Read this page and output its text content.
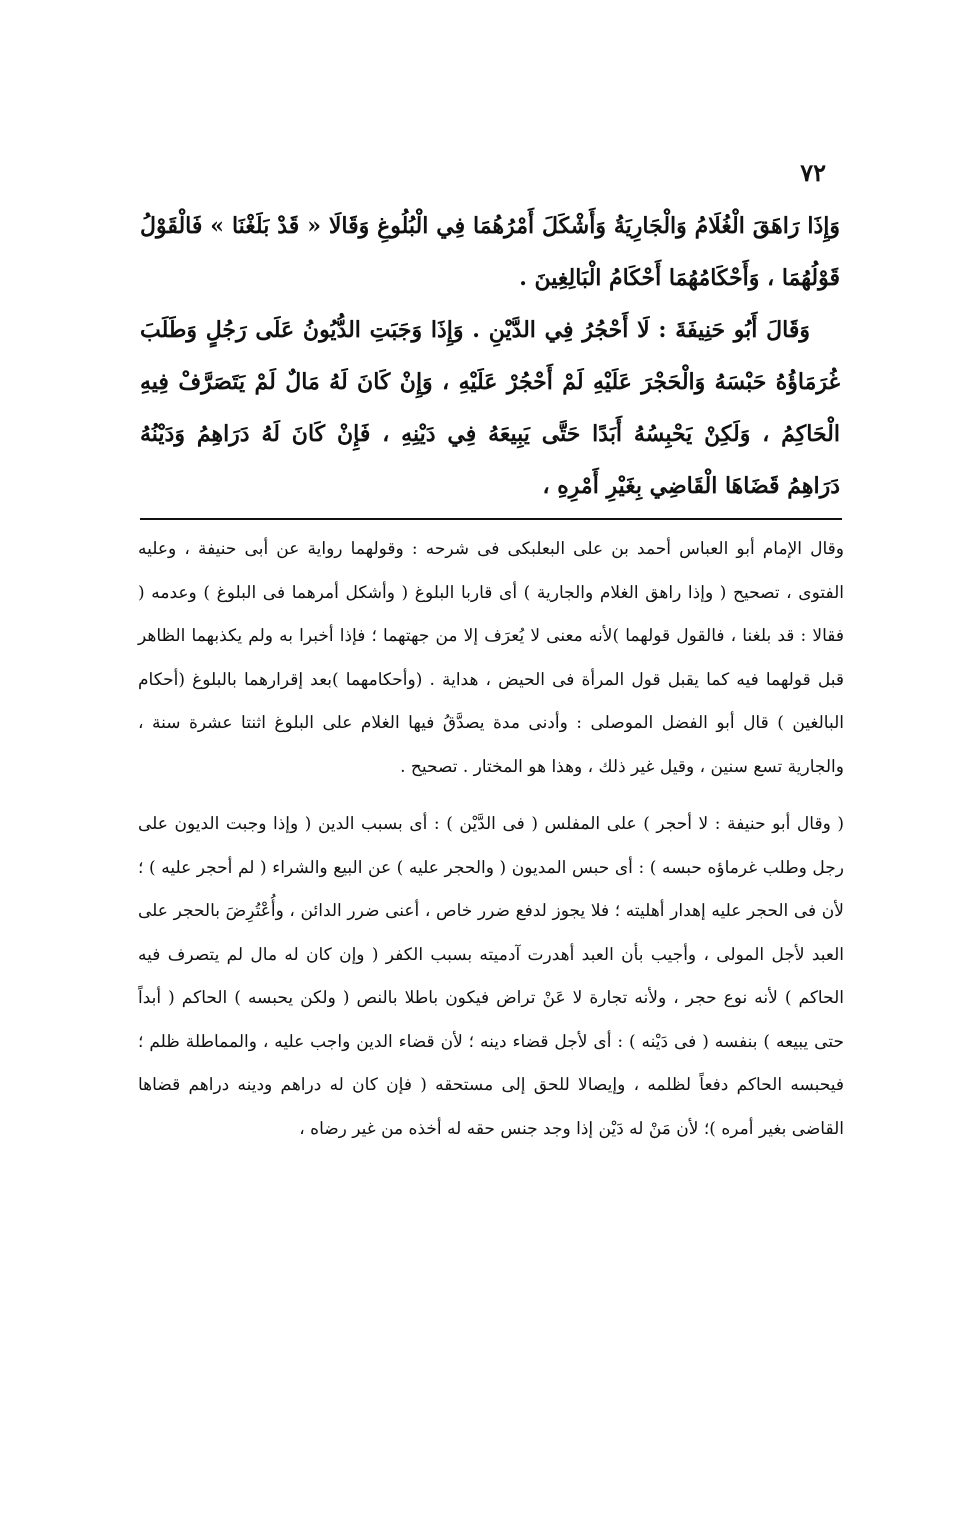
٧٢

وَإِذَا رَاهَقَ الْغُلَامُ وَالْجَارِيَةُ وَأَشْكَلَ أَمْرُهُمَا فِي الْبُلُوغِ وَقَالَا « قَدْ بَلَغْنَا » فَالْقَوْلُ قَوْلُهُمَا ، وَأَحْكَامُهُمَا أَحْكَامُ الْبَالِغِينَ .

وَقَالَ أَبُو حَنِيفَةَ : لَا أَحْجُرُ فِي الدَّيْنِ . وَإِذَا وَجَبَتِ الدُّيُونُ عَلَى رَجُلٍ وَطَلَبَ غُرَمَاؤُهُ حَبْسَهُ وَالْحَجْرَ عَلَيْهِ لَمْ أَحْجُرْ عَلَيْهِ ، وَإِنْ كَانَ لَهُ مَالٌ لَمْ يَتَصَرَّفْ فِيهِ الْحَاكِمُ ، وَلَكِنْ يَحْبِسُهُ أَبَدًا حَتَّى يَبِيعَهُ فِي دَيْنِهِ ، فَإِنْ كَانَ لَهُ دَرَاهِمُ وَدَيْنُهُ دَرَاهِمُ قَضَاهَا الْقَاضِي بِغَيْرِ أَمْرِهِ ،

وقال الإمام أبو العباس أحمد بن على البعلبكى فى شرحه : وقولهما رواية عن أبى حنيفة ، وعليه الفتوى ، تصحيح ( وإذا راهق الغلام والجارية ) أى قاربا البلوغ ( وأشكل أمرهما فى البلوغ ) وعدمه ( فقالا : قد بلغنا ، فالقول قولهما )لأنه معنى لا يُعرَف إلا من جهتهما ؛ فإذا أخبرا به ولم يكذبهما الظاهر قبل قولهما فيه كما يقبل قول المرأة فى الحيض ، هداية . (وأحكامهما )بعد إقرارهما بالبلوغ (أحكام البالغين ) قال أبو الفضل الموصلى : وأدنى مدة يصدَّقُ فيها الغلام على البلوغ اثنتا عشرة سنة ، والجارية تسع سنين ، وقيل غير ذلك ، وهذا هو المختار . تصحيح .

( وقال أبو حنيفة : لا أحجر ) على المفلس ( فى الدَّيْن ) : أى بسبب الدين ( وإذا وجبت الديون على رجل وطلب غرماؤه حبسه ) : أى حبس المديون ( والحجر عليه ) عن البيع والشراء ( لم أحجر عليه ) ؛ لأن فى الحجر عليه إهدار أهليته ؛ فلا يجوز لدفع ضرر خاص ، أعنى ضرر الدائن ، وأُعْتُرِضَ بالحجر على العبد لأجل المولى ، وأجيب بأن العبد أهدرت آدميته بسبب الكفر ( وإن كان له مال لم يتصرف فيه الحاكم ) لأنه نوع حجر ، ولأنه تجارة لا عَنْ تراض فيكون باطلا بالنص ( ولكن يحبسه ) الحاكم ( أبداً حتى يبيعه ) بنفسه ( فى دَيْنه ) : أى لأجل قضاء دينه ؛ لأن قضاء الدين واجب عليه ، والمماطلة ظلم ؛ فيحبسه الحاكم دفعاً لظلمه ، وإيصالا للحق إلى مستحقه ( فإن كان له دراهم ودينه دراهم قضاها القاضى بغير أمره )؛ لأن مَنْ له دَيْن إذا وجد جنس حقه له أخذه من غير رضاه ،
